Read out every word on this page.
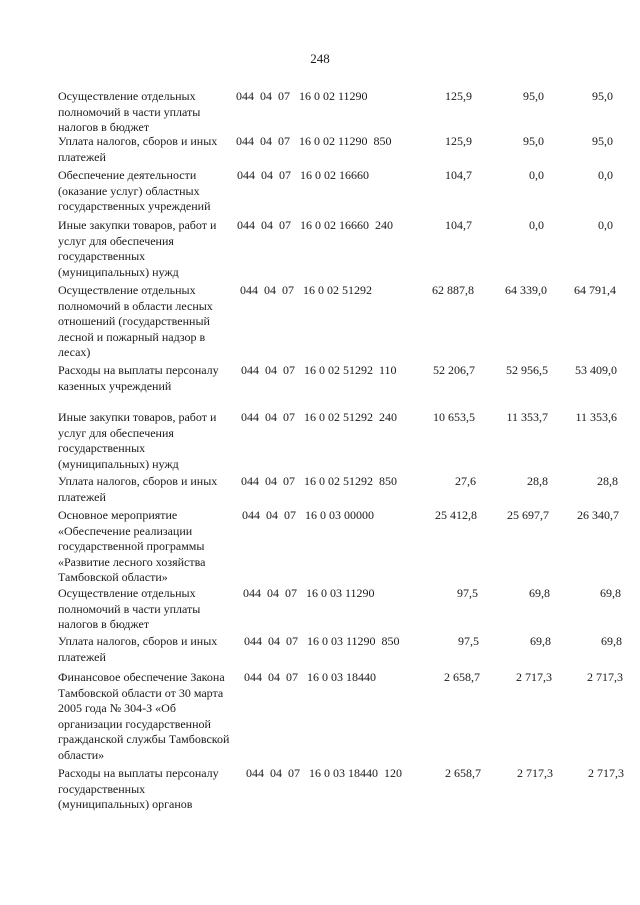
248
Осуществление отдельных полномочий в части уплаты налогов в бюджет
044  04  07   16 0 02 11290	125,9	95,0	95,0
Уплата налогов, сборов и иных платежей
044  04  07   16 0 02 11290  850	125,9	95,0	95,0
Обеспечение деятельности (оказание услуг) областных государственных учреждений
044  04  07   16 0 02 16660	104,7	0,0	0,0
Иные закупки товаров, работ и услуг для обеспечения государственных (муниципальных) нужд
044  04  07   16 0 02 16660  240	104,7	0,0	0,0
Осуществление отдельных полномочий в области лесных отношений (государственный лесной и пожарный надзор в лесах)
044  04  07   16 0 02 51292	62 887,8	64 339,0	64 791,4
Расходы на выплаты персоналу казенных учреждений
044  04  07   16 0 02 51292  110	52 206,7	52 956,5	53 409,0
Иные закупки товаров, работ и услуг для обеспечения государственных (муниципальных) нужд
044  04  07   16 0 02 51292  240	10 653,5	11 353,7	11 353,6
Уплата налогов, сборов и иных платежей
044  04  07   16 0 02 51292  850	27,6	28,8	28,8
Основное мероприятие «Обеспечение реализации государственной программы «Развитие лесного хозяйства Тамбовской области»
044  04  07   16 0 03 00000	25 412,8	25 697,7	26 340,7
Осуществление отдельных полномочий в части уплаты налогов в бюджет
044  04  07   16 0 03 11290	97,5	69,8	69,8
Уплата налогов, сборов и иных платежей
044  04  07   16 0 03 11290  850	97,5	69,8	69,8
Финансовое обеспечение Закона Тамбовской области от 30 марта 2005 года № 304-З «Об организации государственной гражданской службы Тамбовской области»
044  04  07   16 0 03 18440	2 658,7	2 717,3	2 717,3
Расходы на выплаты персоналу государственных (муниципальных) органов
044  04  07   16 0 03 18440  120	2 658,7	2 717,3	2 717,3
